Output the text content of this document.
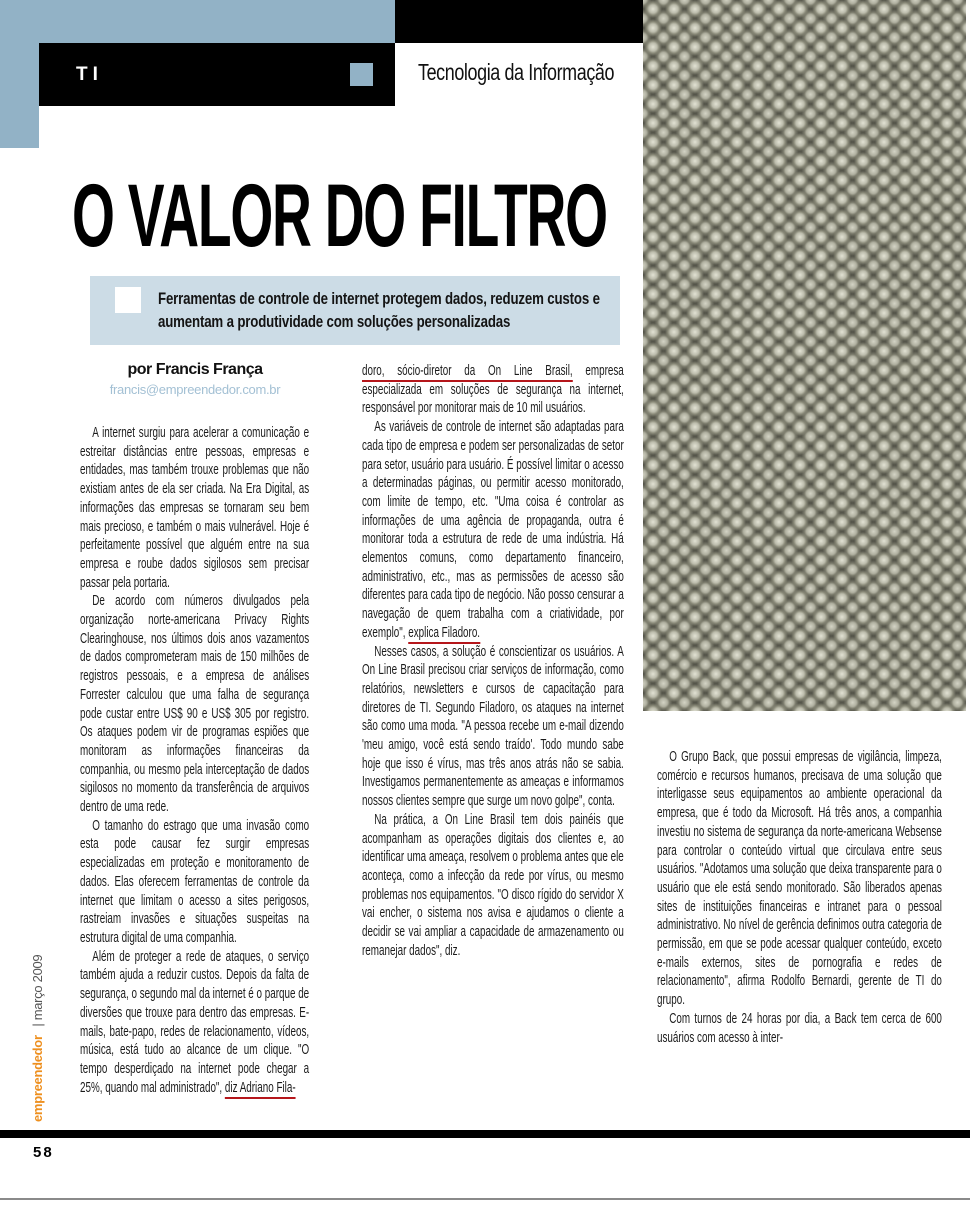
TI	Tecnologia da Informação
O VALOR DO FILTRO
Ferramentas de controle de internet protegem dados, reduzem custos e aumentam a produtividade com soluções personalizadas
por Francis França
francis@empreendedor.com.br

A internet surgiu para acelerar a comunicação e estreitar distâncias entre pessoas, empresas e entidades, mas também trouxe problemas que não existiam antes de ela ser criada. Na Era Digital, as informações das empresas se tornaram seu bem mais precioso, e também o mais vulnerável. Hoje é perfeitamente possível que alguém entre na sua empresa e roube dados sigilosos sem precisar passar pela portaria.

De acordo com números divulgados pela organização norte-americana Privacy Rights Clearinghouse, nos últimos dois anos vazamentos de dados comprometeram mais de 150 milhões de registros pessoais, e a empresa de análises Forrester calculou que uma falha de segurança pode custar entre US$ 90 e US$ 305 por registro. Os ataques podem vir de programas espiões que monitoram as informações financeiras da companhia, ou mesmo pela interceptação de dados sigilosos no momento da transferência de arquivos dentro de uma rede.

O tamanho do estrago que uma invasão como esta pode causar fez surgir empresas especializadas em proteção e monitoramento de dados. Elas oferecem ferramentas de controle da internet que limitam o acesso a sites perigosos, rastreiam invasões e situações suspeitas na estrutura digital de uma companhia.

Além de proteger a rede de ataques, o serviço também ajuda a reduzir custos. Depois da falta de segurança, o segundo mal da internet é o parque de diversões que trouxe para dentro das empresas. E-mails, bate-papo, redes de relacionamento, vídeos, música, está tudo ao alcance de um clique. "O tempo desperdiçado na internet pode chegar a 25%, quando mal administrado", diz Adriano Fila-

doro, sócio-diretor da On Line Brasil, empresa especializada em soluções de segurança na internet, responsável por monitorar mais de 10 mil usuários.

As variáveis de controle de internet são adaptadas para cada tipo de empresa e podem ser personalizadas de setor para setor, usuário para usuário. É possível limitar o acesso a determinadas páginas, ou permitir acesso monitorado, com limite de tempo, etc. "Uma coisa é controlar as informações de uma agência de propaganda, outra é monitorar toda a estrutura de rede de uma indústria. Há elementos comuns, como departamento financeiro, administrativo, etc., mas as permissões de acesso são diferentes para cada tipo de negócio. Não posso censurar a navegação de quem trabalha com a criatividade, por exemplo", explica Filadoro.

Nesses casos, a solução é conscientizar os usuários. A On Line Brasil precisou criar serviços de informação, como relatórios, newsletters e cursos de capacitação para diretores de TI. Segundo Filadoro, os ataques na internet são como uma moda. "A pessoa recebe um e-mail dizendo 'meu amigo, você está sendo traído'. Todo mundo sabe hoje que isso é vírus, mas três anos atrás não se sabia. Investigamos permanentemente as ameaças e informamos nossos clientes sempre que surge um novo golpe", conta.

Na prática, a On Line Brasil tem dois painéis que acompanham as operações digitais dos clientes e, ao identificar uma ameaça, resolvem o problema antes que ele aconteça, como a infecção da rede por vírus, ou mesmo problemas nos equipamentos. "O disco rígido do servidor X vai encher, o sistema nos avisa e ajudamos o cliente a decidir se vai ampliar a capacidade de armazenamento ou remanejar dados", diz.

O Grupo Back, que possui empresas de vigilância, limpeza, comércio e recursos humanos, precisava de uma solução que interligasse seus equipamentos ao ambiente operacional da empresa, que é todo da Microsoft. Há três anos, a companhia investiu no sistema de segurança da norte-americana Websense para controlar o conteúdo virtual que circulava entre seus usuários. "Adotamos uma solução que deixa transparente para o usuário que ele está sendo monitorado. São liberados apenas sites de instituições financeiras e intranet para o pessoal administrativo. No nível de gerência definimos outra categoria de permissão, em que se pode acessar qualquer conteúdo, exceto e-mails externos, sites de pornografia e redes de relacionamento", afirma Rodolfo Bernardi, gerente de TI do grupo.

Com turnos de 24 horas por dia, a Back tem cerca de 600 usuários com acesso à inter-

empreendedor | março 2009
58
